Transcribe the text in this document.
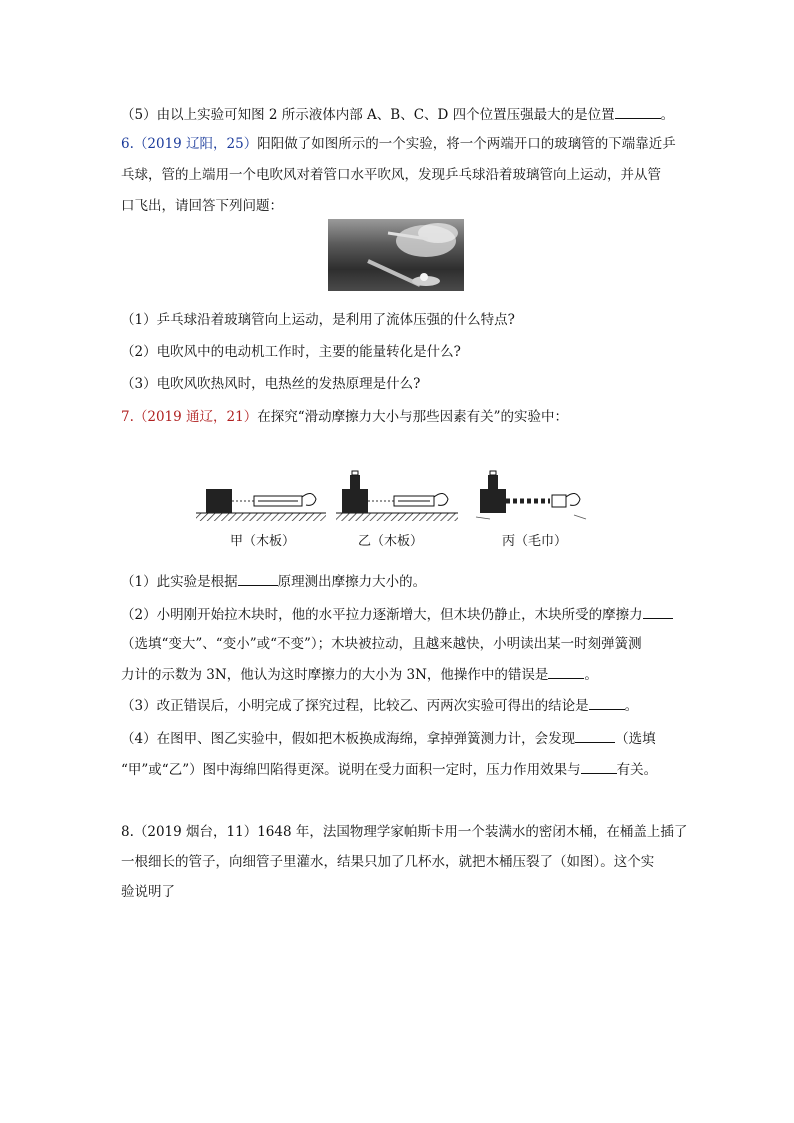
（5）由以上实验可知图 2 所示液体内部 A、B、C、D 四个位置压强最大的是位置	。
6.（2019 辽阳，25）阳阳做了如图所示的一个实验，将一个两端开口的玻璃管的下端靠近乒
乓球，管的上端用一个电吹风对着管口水平吹风，发现乒乓球沿着玻璃管向上运动，并从管
口飞出，请回答下列问题：
（1）乒乓球沿着玻璃管向上运动，是利用了流体压强的什么特点?
（2）电吹风中的电动机工作时，主要的能量转化是什么?
（3）电吹风吹热风时，电热丝的发热原理是什么?
7.（2019 通辽，21）在探究“滑动摩擦力大小与那些因素有关”的实验中：
甲（木板）	乙（木板）	丙（毛巾）
（1）此实验是根据	原理测出摩擦力大小的。
（2）小明刚开始拉木块时，他的水平拉力逐渐增大，但木块仍静止，木块所受的摩擦力
（选填“变大”、“变小”或“不变”）；木块被拉动，且越来越快，小明读出某一时刻弹簧测
力计的示数为 3N，他认为这时摩擦力的大小为 3N，他操作中的错误是	。
（3）改正错误后，小明完成了探究过程，比较乙、丙两次实验可得出的结论是	。
（4）在图甲、图乙实验中，假如把木板换成海绵，拿掉弹簧测力计，会发现	（选填
“甲”或“乙”）图中海绵凹陷得更深。说明在受力面积一定时，压力作用效果与	有关。
8.（2019 烟台，11）1648 年，法国物理学家帕斯卡用一个装满水的密闭木桶，在桶盖上插了
一根细长的管子，向细管子里灌水，结果只加了几杯水，就把木桶压裂了（如图）。这个实
验说明了
